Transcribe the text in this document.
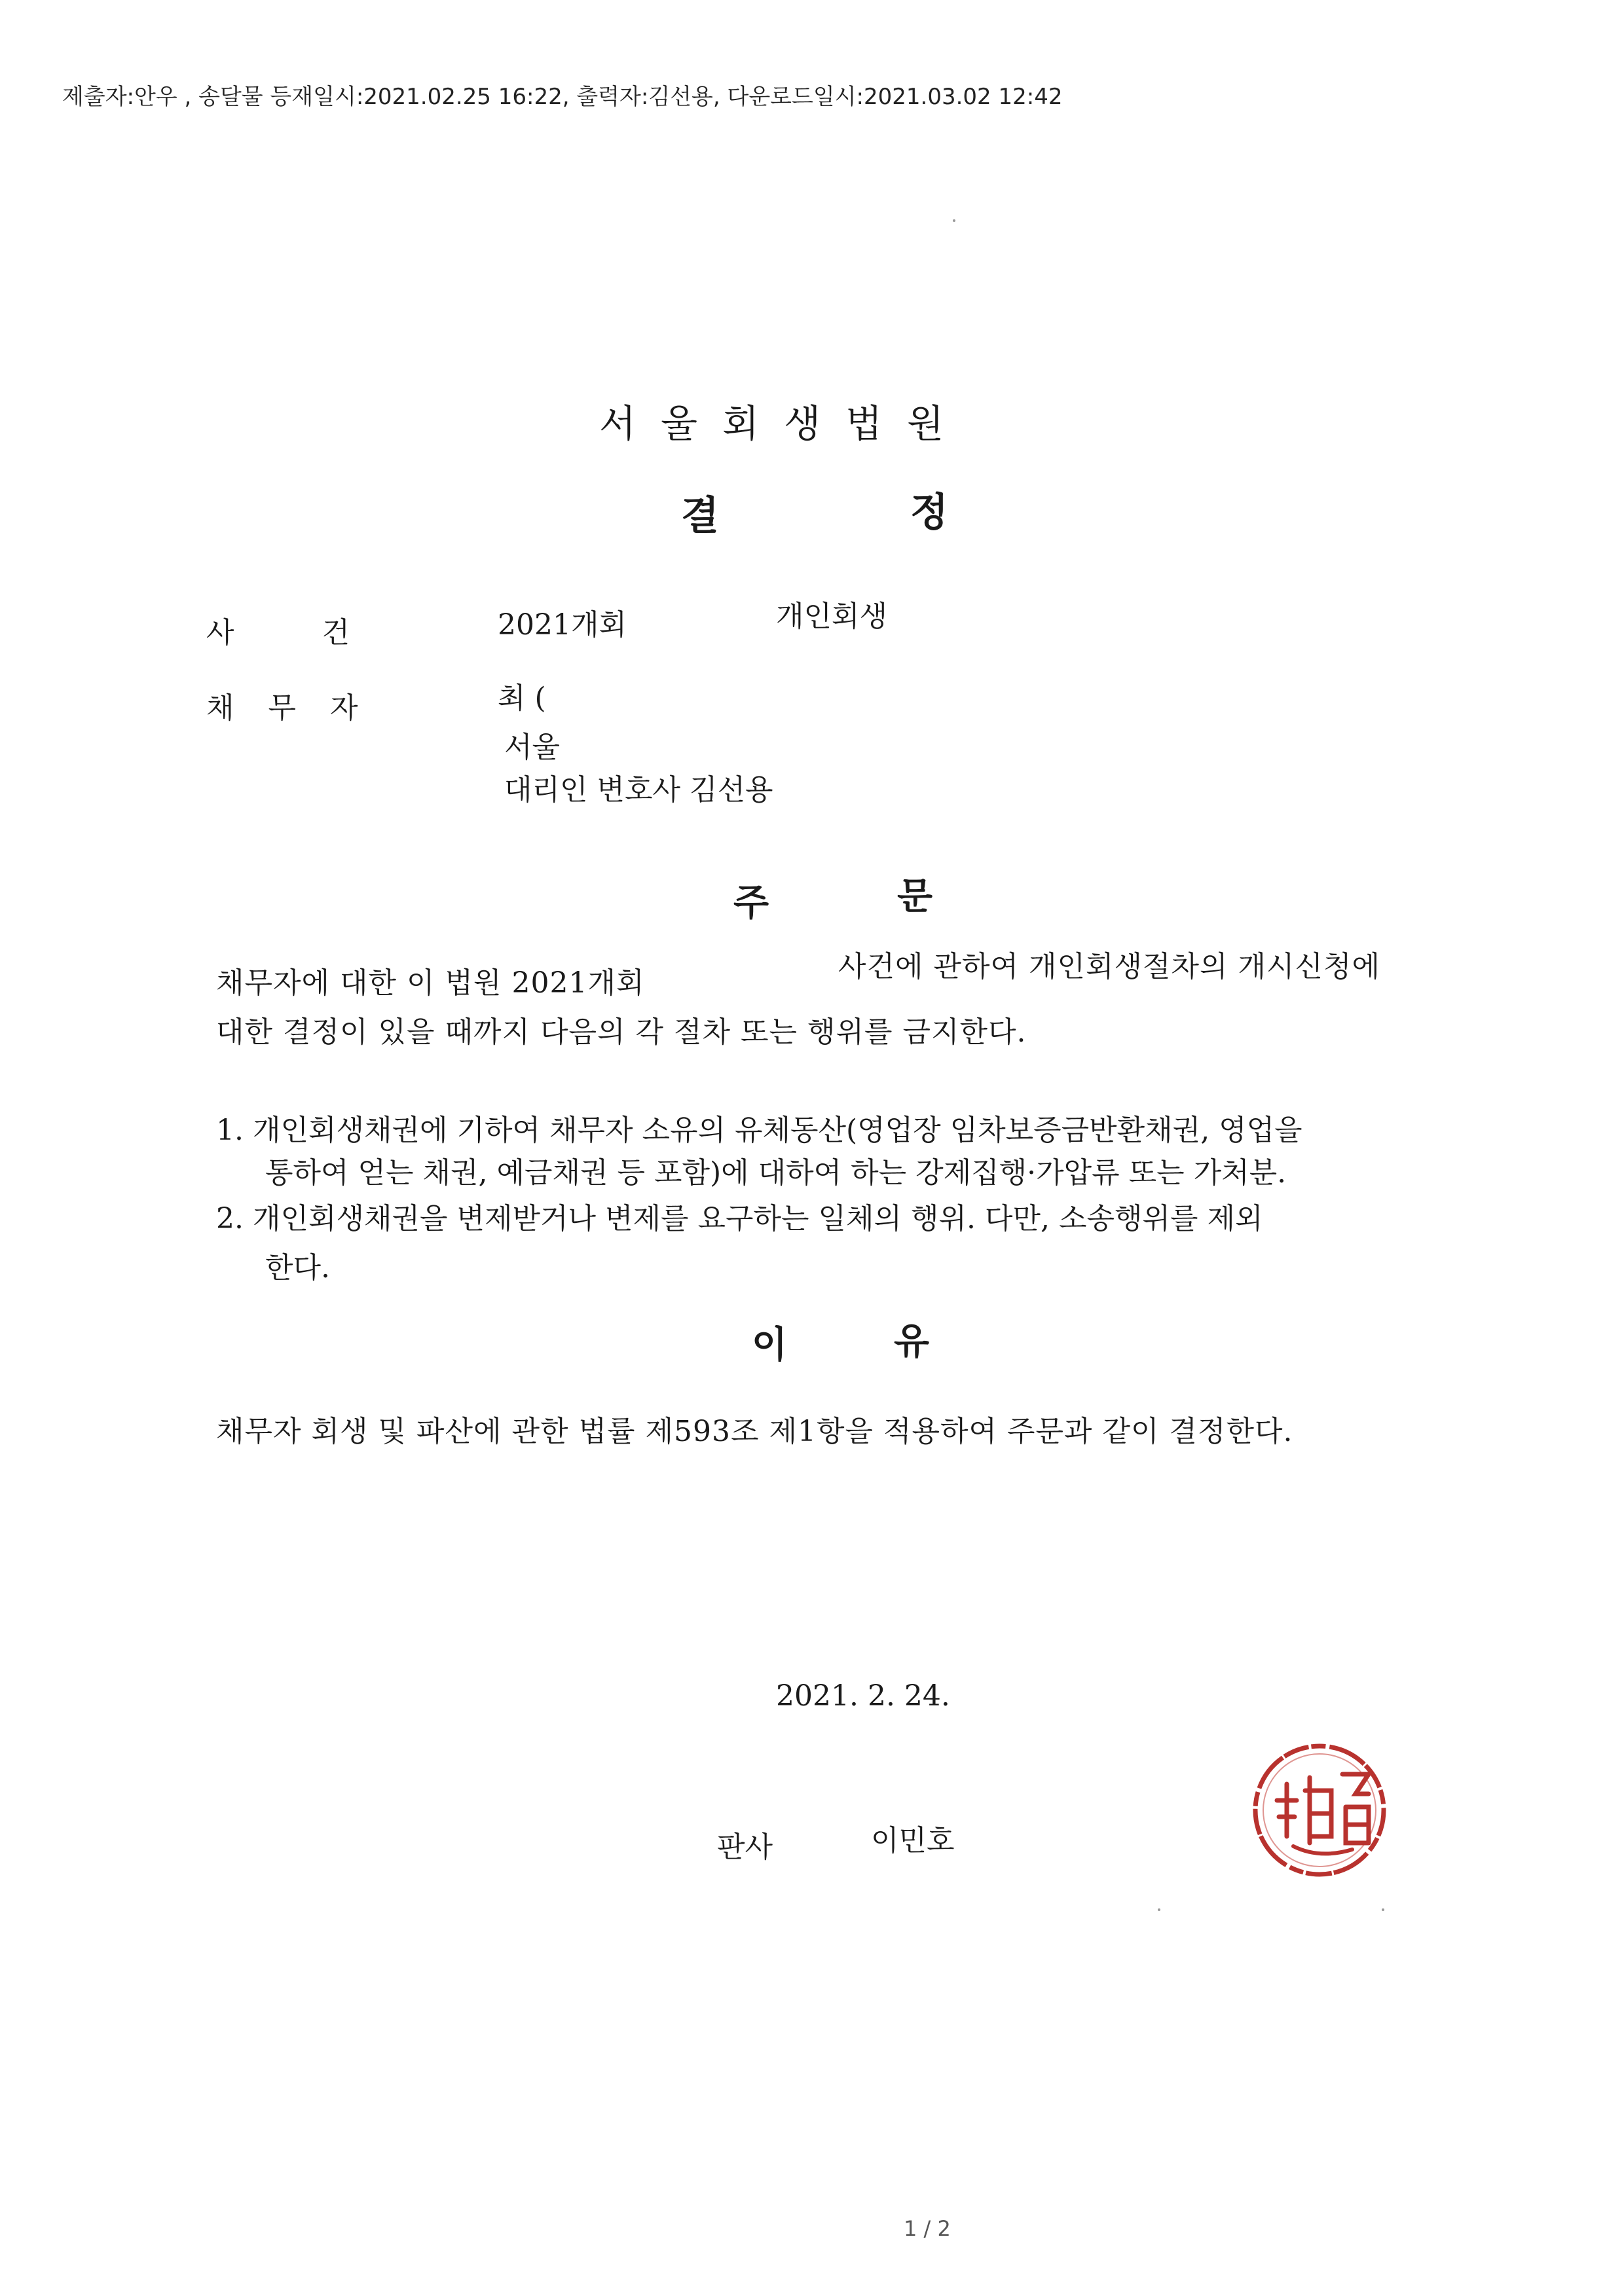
제출자:안우 , 송달물 등재일시:2021.02.25 16:22, 출력자:김선용, 다운로드일시:2021.03.02 12:42
서울회생법원
결	정
사 건	2021개회	개인회생
채 무 자	최 (
서울
대리인 변호사 김선용
주	문
채무자에 대한 이 법원 2021개회	사건에 관하여 개인회생절차의 개시신청에
대한 결정이 있을 때까지 다음의 각 절차 또는 행위를 금지한다.
1. 개인회생채권에 기하여 채무자 소유의 유체동산(영업장 임차보증금반환채권, 영업을
통하여 얻는 채권, 예금채권 등 포함)에 대하여 하는 강제집행·가압류 또는 가처분.
2. 개인회생채권을 변제받거나 변제를 요구하는 일체의 행위. 다만, 소송행위를 제외
한다.
이	유
채무자 회생 및 파산에 관한 법률 제593조 제1항을 적용하여 주문과 같이 결정한다.
2021. 2. 24.
판사	이민호
1 / 2
